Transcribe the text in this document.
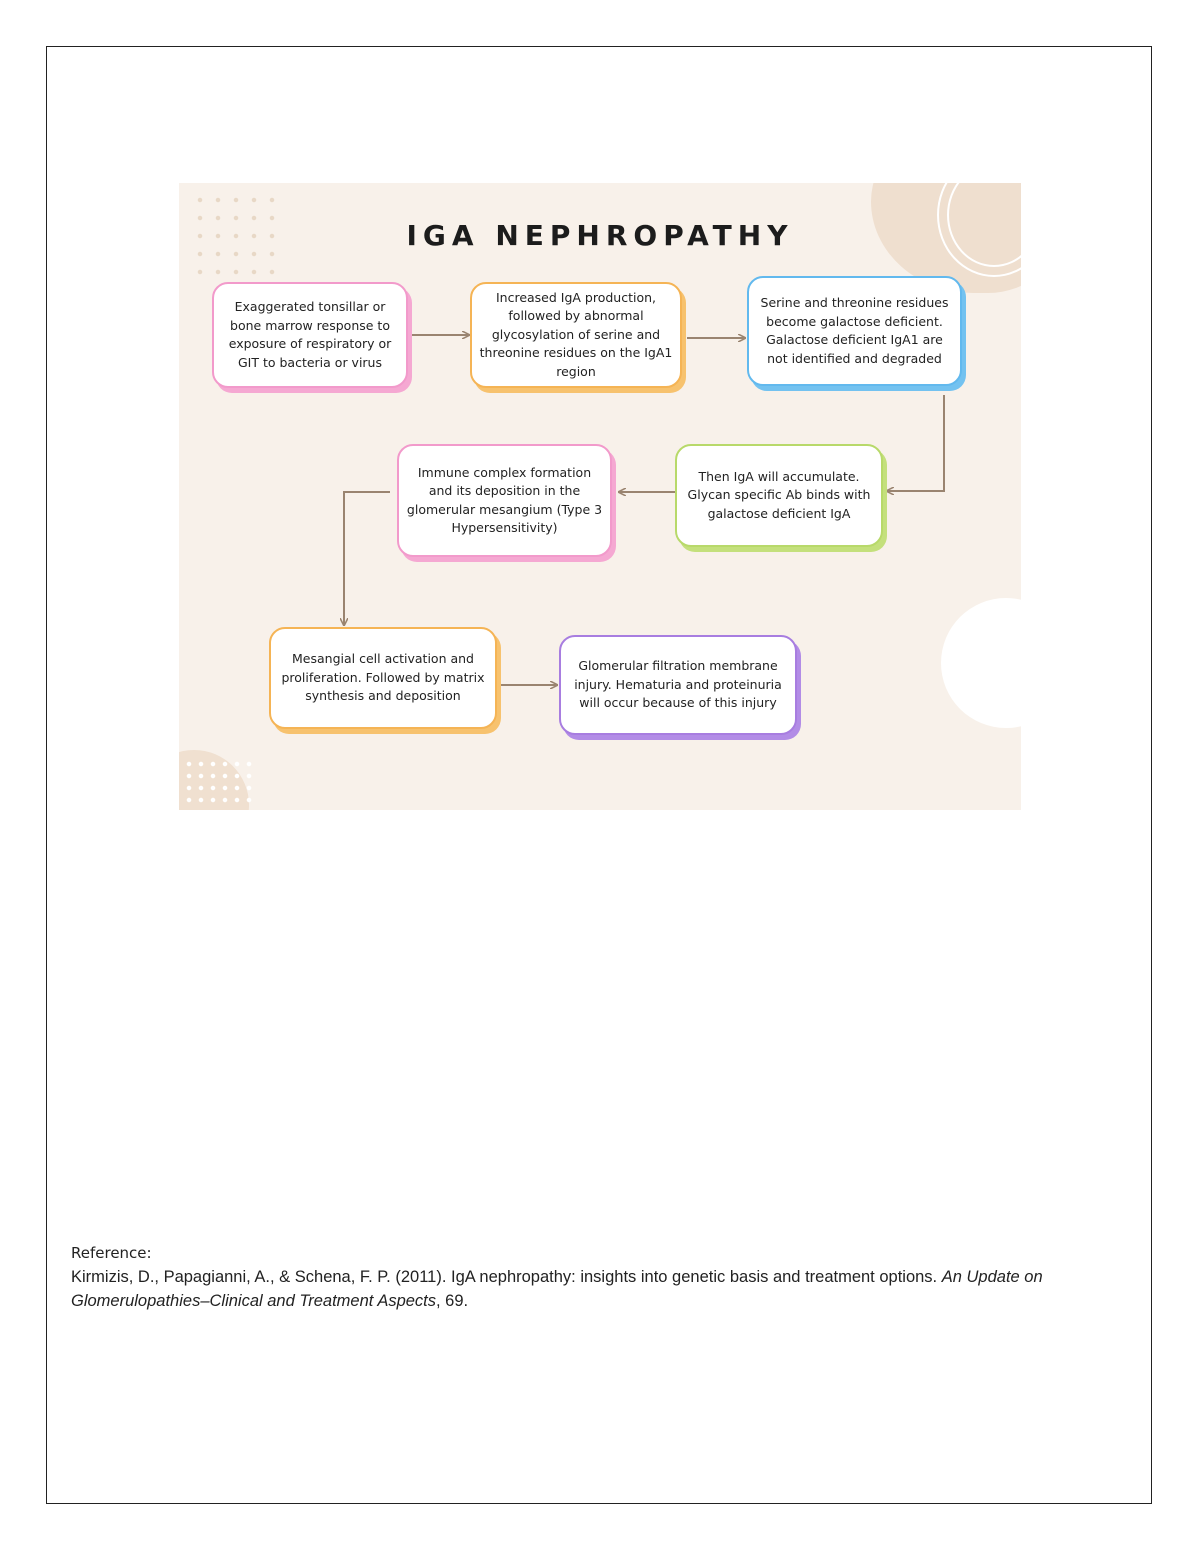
IGA NEPHROPATHY
Exaggerated tonsillar or bone marrow response to exposure of respiratory or GIT to bacteria or virus
Increased IgA production, followed by abnormal glycosylation of serine and threonine residues on the IgA1 region
Serine and threonine residues become galactose deficient. Galactose deficient IgA1 are not identified and degraded
Then IgA will accumulate. Glycan specific Ab binds with galactose deficient IgA
Immune complex formation and its deposition in the glomerular mesangium (Type 3 Hypersensitivity)
Mesangial cell activation and proliferation. Followed by matrix synthesis and deposition
Glomerular filtration membrane injury. Hematuria and proteinuria will occur because of this injury
Reference:
Kirmizis, D., Papagianni, A., & Schena, F. P. (2011). IgA nephropathy: insights into genetic basis and treatment options. An Update on Glomerulopathies–Clinical and Treatment Aspects, 69.
